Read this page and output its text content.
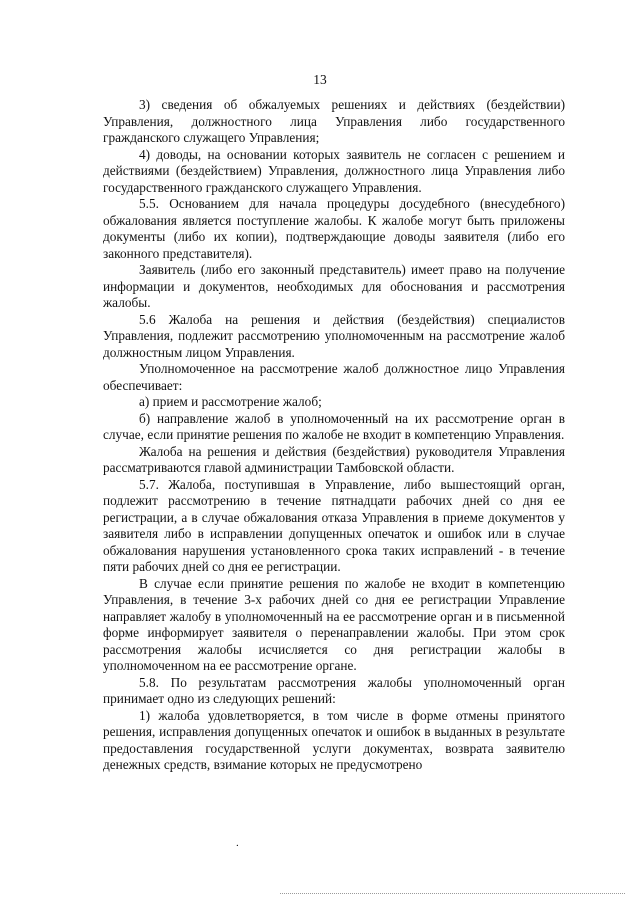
13

3) сведения об обжалуемых решениях и действиях (бездействии) Управления, должностного лица Управления либо государственного гражданского служащего Управления;

4) доводы, на основании которых заявитель не согласен с решением и действиями (бездействием) Управления, должностного лица Управления либо государственного гражданского служащего Управления.

5.5. Основанием для начала процедуры досудебного (внесудебного) обжалования является поступление жалобы. К жалобе могут быть приложены документы (либо их копии), подтверждающие доводы заявителя (либо его законного представителя).

Заявитель (либо его законный представитель) имеет право на получение информации и документов, необходимых для обоснования и рассмотрения жалобы.

5.6 Жалоба на решения и действия (бездействия) специалистов Управления, подлежит рассмотрению уполномоченным на рассмотрение жалоб должностным лицом Управления.

Уполномоченное на рассмотрение жалоб должностное лицо Управления обеспечивает:

а) прием и рассмотрение жалоб;

б) направление жалоб в уполномоченный на их рассмотрение орган в случае, если принятие решения по жалобе не входит в компетенцию Управления.

Жалоба на решения и действия (бездействия) руководителя Управления рассматриваются главой администрации Тамбовской области.

5.7. Жалоба, поступившая в Управление, либо вышестоящий орган, подлежит рассмотрению в течение пятнадцати рабочих дней со дня ее регистрации, а в случае обжалования отказа Управления в приеме документов у заявителя либо в исправлении допущенных опечаток и ошибок или в случае обжалования нарушения установленного срока таких исправлений - в течение пяти рабочих дней со дня ее регистрации.

В случае если принятие решения по жалобе не входит в компетенцию Управления, в течение 3-х рабочих дней со дня ее регистрации Управление направляет жалобу в уполномоченный на ее рассмотрение орган и в письменной форме информирует заявителя о перенаправлении жалобы. При этом срок рассмотрения жалобы исчисляется со дня регистрации жалобы в уполномоченном на ее рассмотрение органе.

5.8. По результатам рассмотрения жалобы уполномоченный орган принимает одно из следующих решений:

1) жалоба удовлетворяется, в том числе в форме отмены принятого решения, исправления допущенных опечаток и ошибок в выданных в результате предоставления государственной услуги документах, возврата заявителю денежных средств, взимание которых не предусмотрено

.
